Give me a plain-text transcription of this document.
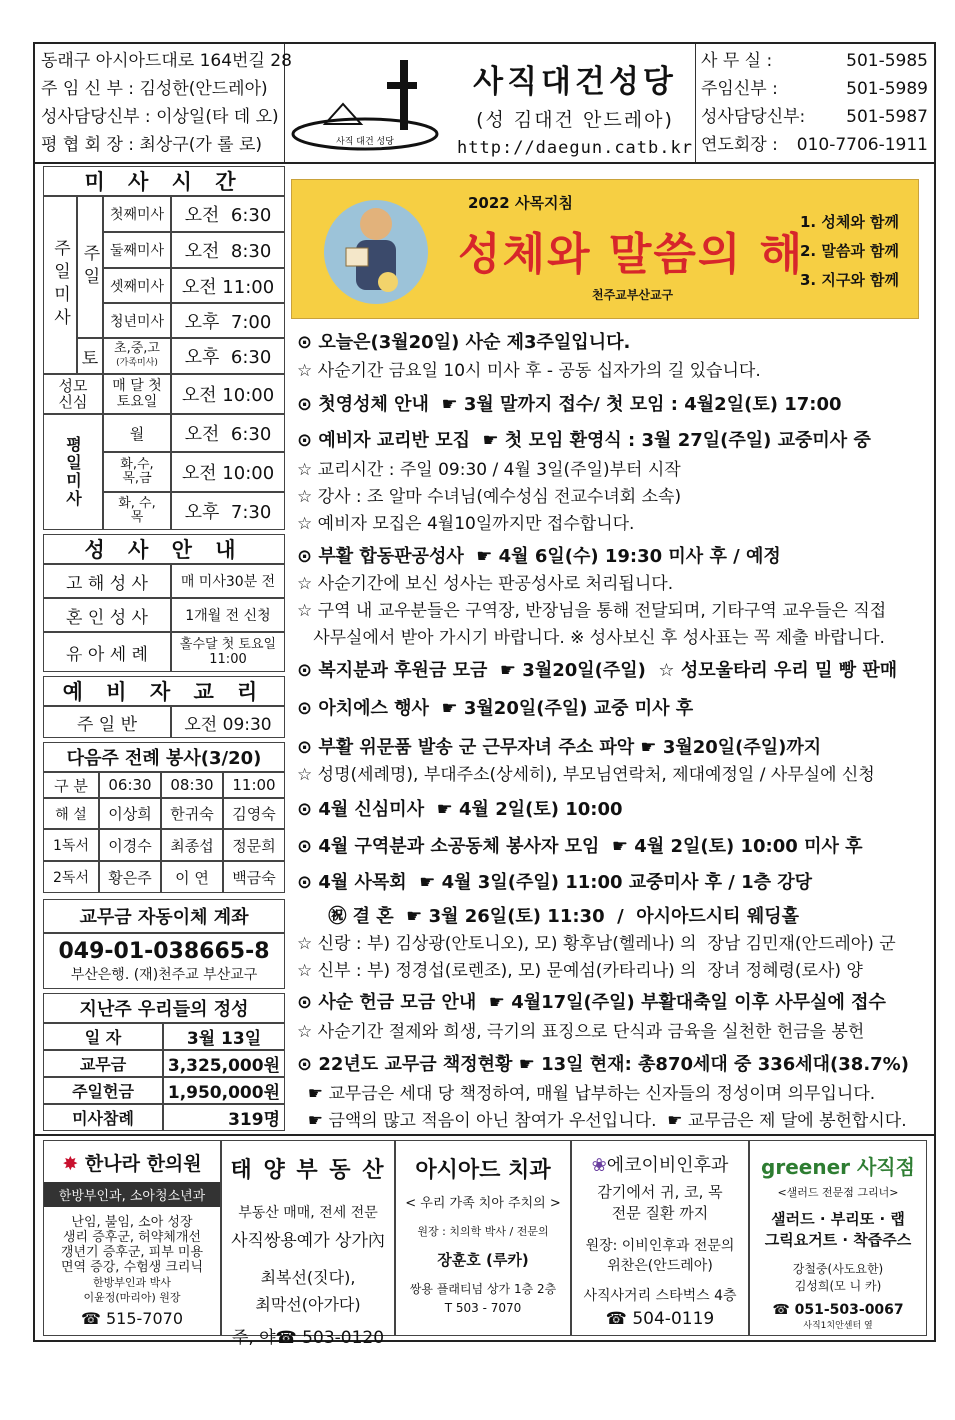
동래구 아시아드대로 164번길 28
주 임 신 부 : 김성한(안드레아)
성사담당신부 : 이상일(타 데 오)
평 협 회 장 : 최상구(가 롤 로)	사직 대건 성당
사직대건성당
(성 김대건 안드레아)
http://daegun.catb.kr
사 무 실 :	501-5985
주임신부 :	501-5989
성사담당신부: 501-5987
연도회장 : 010-7706-1911
미 사 시 간
주일미사 주일
토
첫째미사	오전  6:30
둘째미사	오전  8:30
셋째미사 오전 11:00
청년미사	오후  7:00
초,중,고
(가족미사)	오후  6:30
성모신심
매 달 첫토요일	오전 10:00
평일미사
월	오전  6:30
화,수, 목,금	오전 10:00
화, 수, 목	오후  7:30
성 사 안 내
고 해 성 사	매 미사30분 전
혼 인 성 사	1개월 전 신청
유 아 세 례	홀수달 첫 토요일 11:00
예 비 자 교 리
주 일 반	오전 09:30
다음주 전례 봉사(3/20)
구 분	06:30	08:30	11:00
해 설	이상희	한귀숙	김영숙
1독서	이경수	최종섭	정문희
2독서	황은주	이 연	백금숙
교무금 자동이체 계좌
049-01-038665-8
부산은행. (재)천주교 부산교구
지난주 우리들의 정성
일 자	3월 13일
교무금	3,325,000원
주일헌금	1,950,000원
미사참례	319명
2022 사목지침
성체와 말씀의 해
천주교부산교구
1. 성체와 함께
2. 말씀과 함께
3. 지구와 함께
⊙ 오늘은(3월20일) 사순 제3주일입니다.
☆ 사순기간 금요일 10시 미사 후 - 공동 십자가의 길 있습니다.
⊙ 첫영성체 안내  ☛ 3월 말까지 접수/ 첫 모임 : 4월2일(토) 17:00
⊙ 예비자 교리반 모집  ☛ 첫 모임 환영식 : 3월 27일(주일) 교중미사 중
☆ 교리시간 : 주일 09:30 / 4월 3일(주일)부터 시작
☆ 강사 : 조 알마 수녀님(예수성심 전교수녀회 소속)
☆ 예비자 모집은 4월10일까지만 접수합니다.
⊙ 부활 합동판공성사  ☛ 4월 6일(수) 19:30 미사 후 / 예정
☆ 사순기간에 보신 성사는 판공성사로 처리됩니다.
☆ 구역 내 교우분들은 구역장, 반장님을 통해 전달되며, 기타구역 교우들은 직접
사무실에서 받아 가시기 바랍니다. ※ 성사보신 후 성사표는 꼭 제출 바랍니다.
⊙ 복지분과 후원금 모금  ☛ 3월20일(주일)  ☆ 성모울타리 우리 밀 빵 판매
⊙ 아치에스 행사  ☛ 3월20일(주일) 교중 미사 후
⊙ 부활 위문품 발송 군 근무자녀 주소 파악 ☛ 3월20일(주일)까지
☆ 성명(세례명), 부대주소(상세히), 부모님연락처, 제대예정일 / 사무실에 신청
⊙ 4월 신심미사  ☛ 4월 2일(토) 10:00
⊙ 4월 구역분과 소공동체 봉사자 모임  ☛ 4월 2일(토) 10:00 미사 후
⊙ 4월 사목회  ☛ 4월 3일(주일) 11:00 교중미사 후 / 1층 강당
㊗ 결 혼  ☛ 3월 26일(토) 11:30  /  아시아드시티 웨딩홀
☆ 신랑 : 부) 김상광(안토니오), 모) 황후남(헬레나) 의  장남 김민재(안드레아) 군
☆ 신부 : 부) 정경섭(로렌조), 모) 문예섬(카타리나) 의  장녀 정혜령(로사) 양
⊙ 사순 헌금 모금 안내  ☛ 4월17일(주일) 부활대축일 이후 사무실에 접수
☆ 사순기간 절제와 희생, 극기의 표징으로 단식과 금육을 실천한 헌금을 봉헌
⊙ 22년도 교무금 책정현황 ☛ 13일 현재: 총870세대 중 336세대(38.7%)
☛ 교무금은 세대 당 책정하여, 매월 납부하는 신자들의 정성이며 의무입니다.
☛ 금액의 많고 적음이 아닌 참여가 우선입니다.  ☛ 교무금은 제 달에 봉헌합시다.
✸ 한나라 한의원
한방부인과, 소아청소년과
난임, 불임, 소아 성장
생리 증후군, 허약체개선
갱년기 증후군, 피부 미용
면역 증강, 수험생 크리닉
한방부인과 박사
이윤정(마리아) 원장
☎ 515-7070
태 양 부 동 산
부동산 매매, 전세 전문
사직쌍용예가 상가內
최복선(짓다),
최막선(아가다)
주, 야☎ 503-0120
아시아드 치과
< 우리 가족 치아 주치의 >
원장 : 치의학 박사 / 전문의
장훈호 (루카)
쌍용 플래티넘 상가 1층 2층
T 503 - 7070
❀에코이비인후과
감기에서 귀, 코, 목
전문 질환 까지
원장: 이비인후과 전문의
위찬은(안드레아)
사직사거리 스타벅스 4층
☎ 504-0119
greener 사직점
<샐러드 전문점 그리너>
샐러드 · 부리또 · 랩
그릭요거트 · 착즙주스
강철중(사도요한)
김성희(모 니 카)
☎ 051-503-0067
사직1치안센터 옆
